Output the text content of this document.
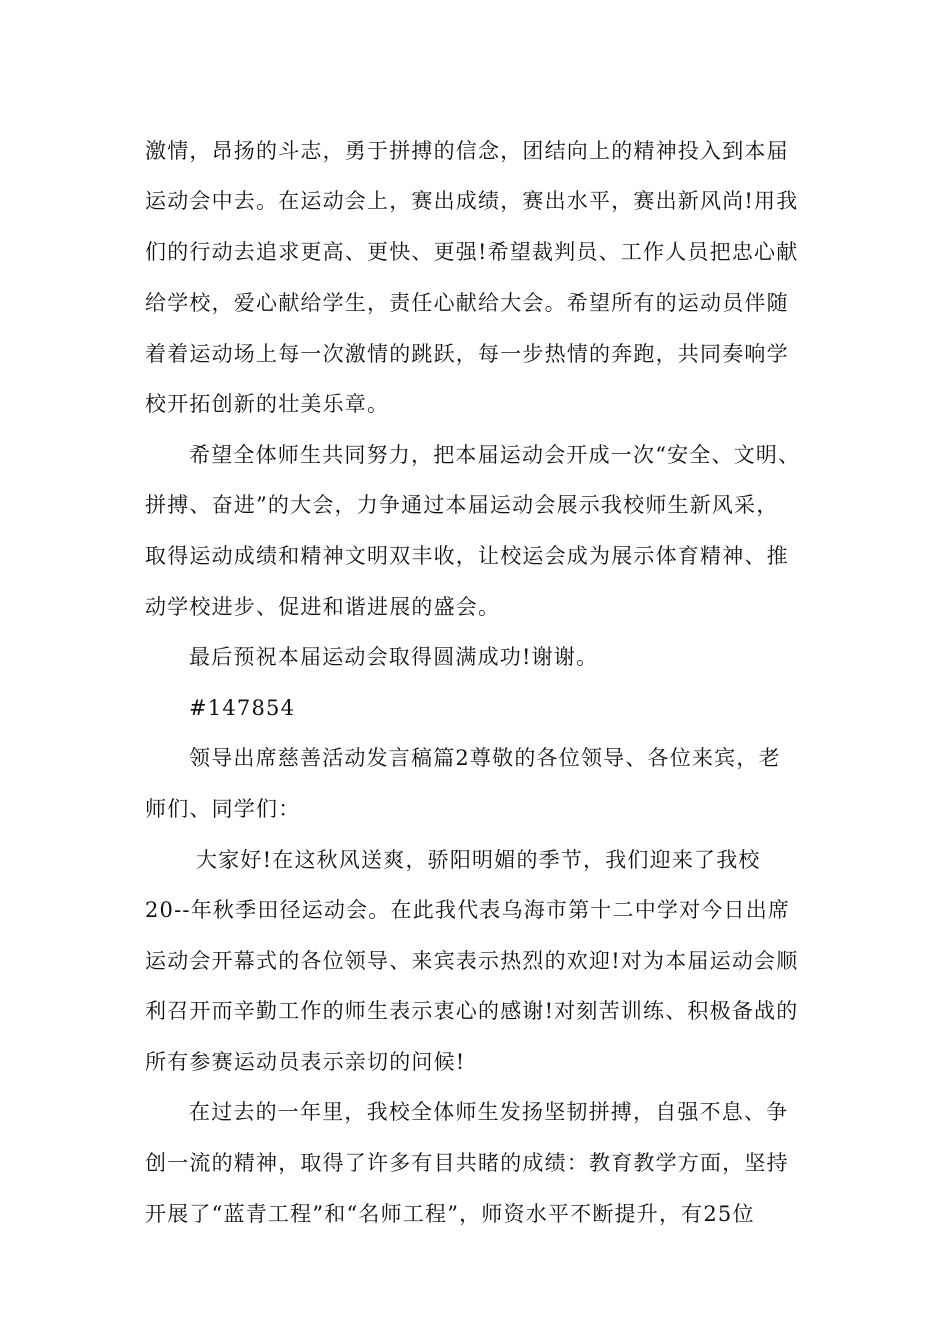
激情，昂扬的斗志，勇于拼搏的信念，团结向上的精神投入到本届
运动会中去。在运动会上，赛出成绩，赛出水平，赛出新风尚!用我
们的行动去追求更高、更快、更强!希望裁判员、工作人员把忠心献
给学校，爱心献给学生，责任心献给大会。希望所有的运动员伴随
着着运动场上每一次激情的跳跃，每一步热情的奔跑，共同奏响学
校开拓创新的壮美乐章。
希望全体师生共同努力，把本届运动会开成一次“安全、文明、
拼搏、奋进”的大会，力争通过本届运动会展示我校师生新风采，
取得运动成绩和精神文明双丰收，让校运会成为展示体育精神、推
动学校进步、促进和谐进展的盛会。
最后预祝本届运动会取得圆满成功!谢谢。
#147854
领导出席慈善活动发言稿篇2尊敬的各位领导、各位来宾，老
师们、同学们：
大家好!在这秋风送爽，骄阳明媚的季节，我们迎来了我校
20--年秋季田径运动会。在此我代表乌海市第十二中学对今日出席
运动会开幕式的各位领导、来宾表示热烈的欢迎!对为本届运动会顺
利召开而辛勤工作的师生表示衷心的感谢!对刻苦训练、积极备战的
所有参赛运动员表示亲切的问候!
在过去的一年里，我校全体师生发扬坚韧拼搏，自强不息、争
创一流的精神，取得了许多有目共睹的成绩：教育教学方面，坚持
开展了“蓝青工程”和“名师工程”，师资水平不断提升，有25位
